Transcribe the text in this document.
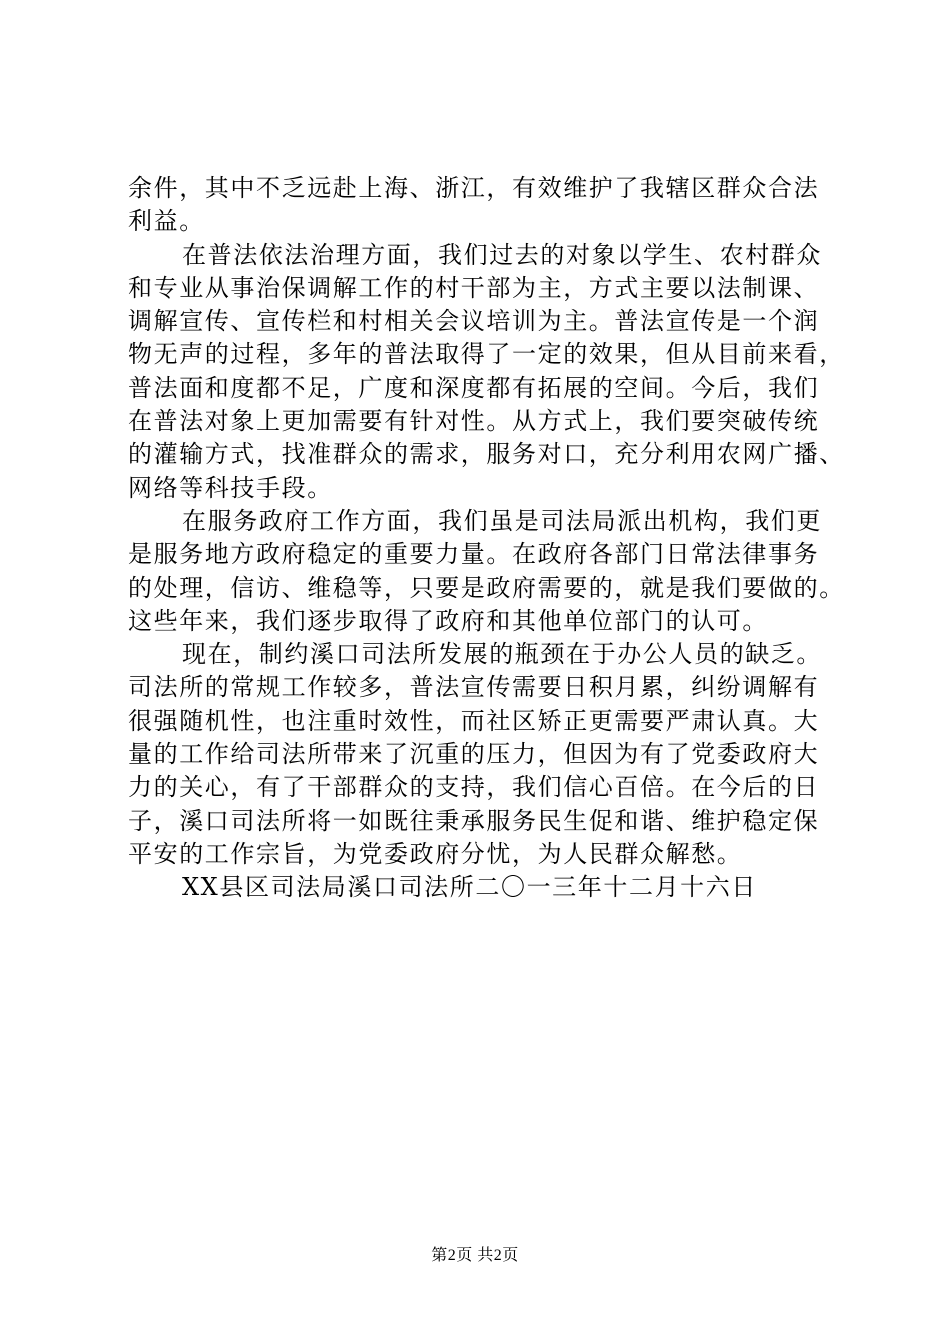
余件，其中不乏远赴上海、浙江，有效维护了我辖区群众合法

利益。

在普法依法治理方面，我们过去的对象以学生、农村群众

和专业从事治保调解工作的村干部为主，方式主要以法制课、

调解宣传、宣传栏和村相关会议培训为主。普法宣传是一个润

物无声的过程，多年的普法取得了一定的效果，但从目前来看，

普法面和度都不足，广度和深度都有拓展的空间。今后，我们

在普法对象上更加需要有针对性。从方式上，我们要突破传统

的灌输方式，找准群众的需求，服务对口，充分利用农网广播、

网络等科技手段。

在服务政府工作方面，我们虽是司法局派出机构，我们更

是服务地方政府稳定的重要力量。在政府各部门日常法律事务

的处理，信访、维稳等，只要是政府需要的，就是我们要做的。

这些年来，我们逐步取得了政府和其他单位部门的认可。

现在，制约溪口司法所发展的瓶颈在于办公人员的缺乏。

司法所的常规工作较多，普法宣传需要日积月累，纠纷调解有

很强随机性，也注重时效性，而社区矫正更需要严肃认真。大

量的工作给司法所带来了沉重的压力，但因为有了党委政府大

力的关心，有了干部群众的支持，我们信心百倍。在今后的日

子，溪口司法所将一如既往秉承服务民生促和谐、维护稳定保

平安的工作宗旨，为党委政府分忧，为人民群众解愁。

XX县区司法局溪口司法所二〇一三年十二月十六日

第2页 共2页
